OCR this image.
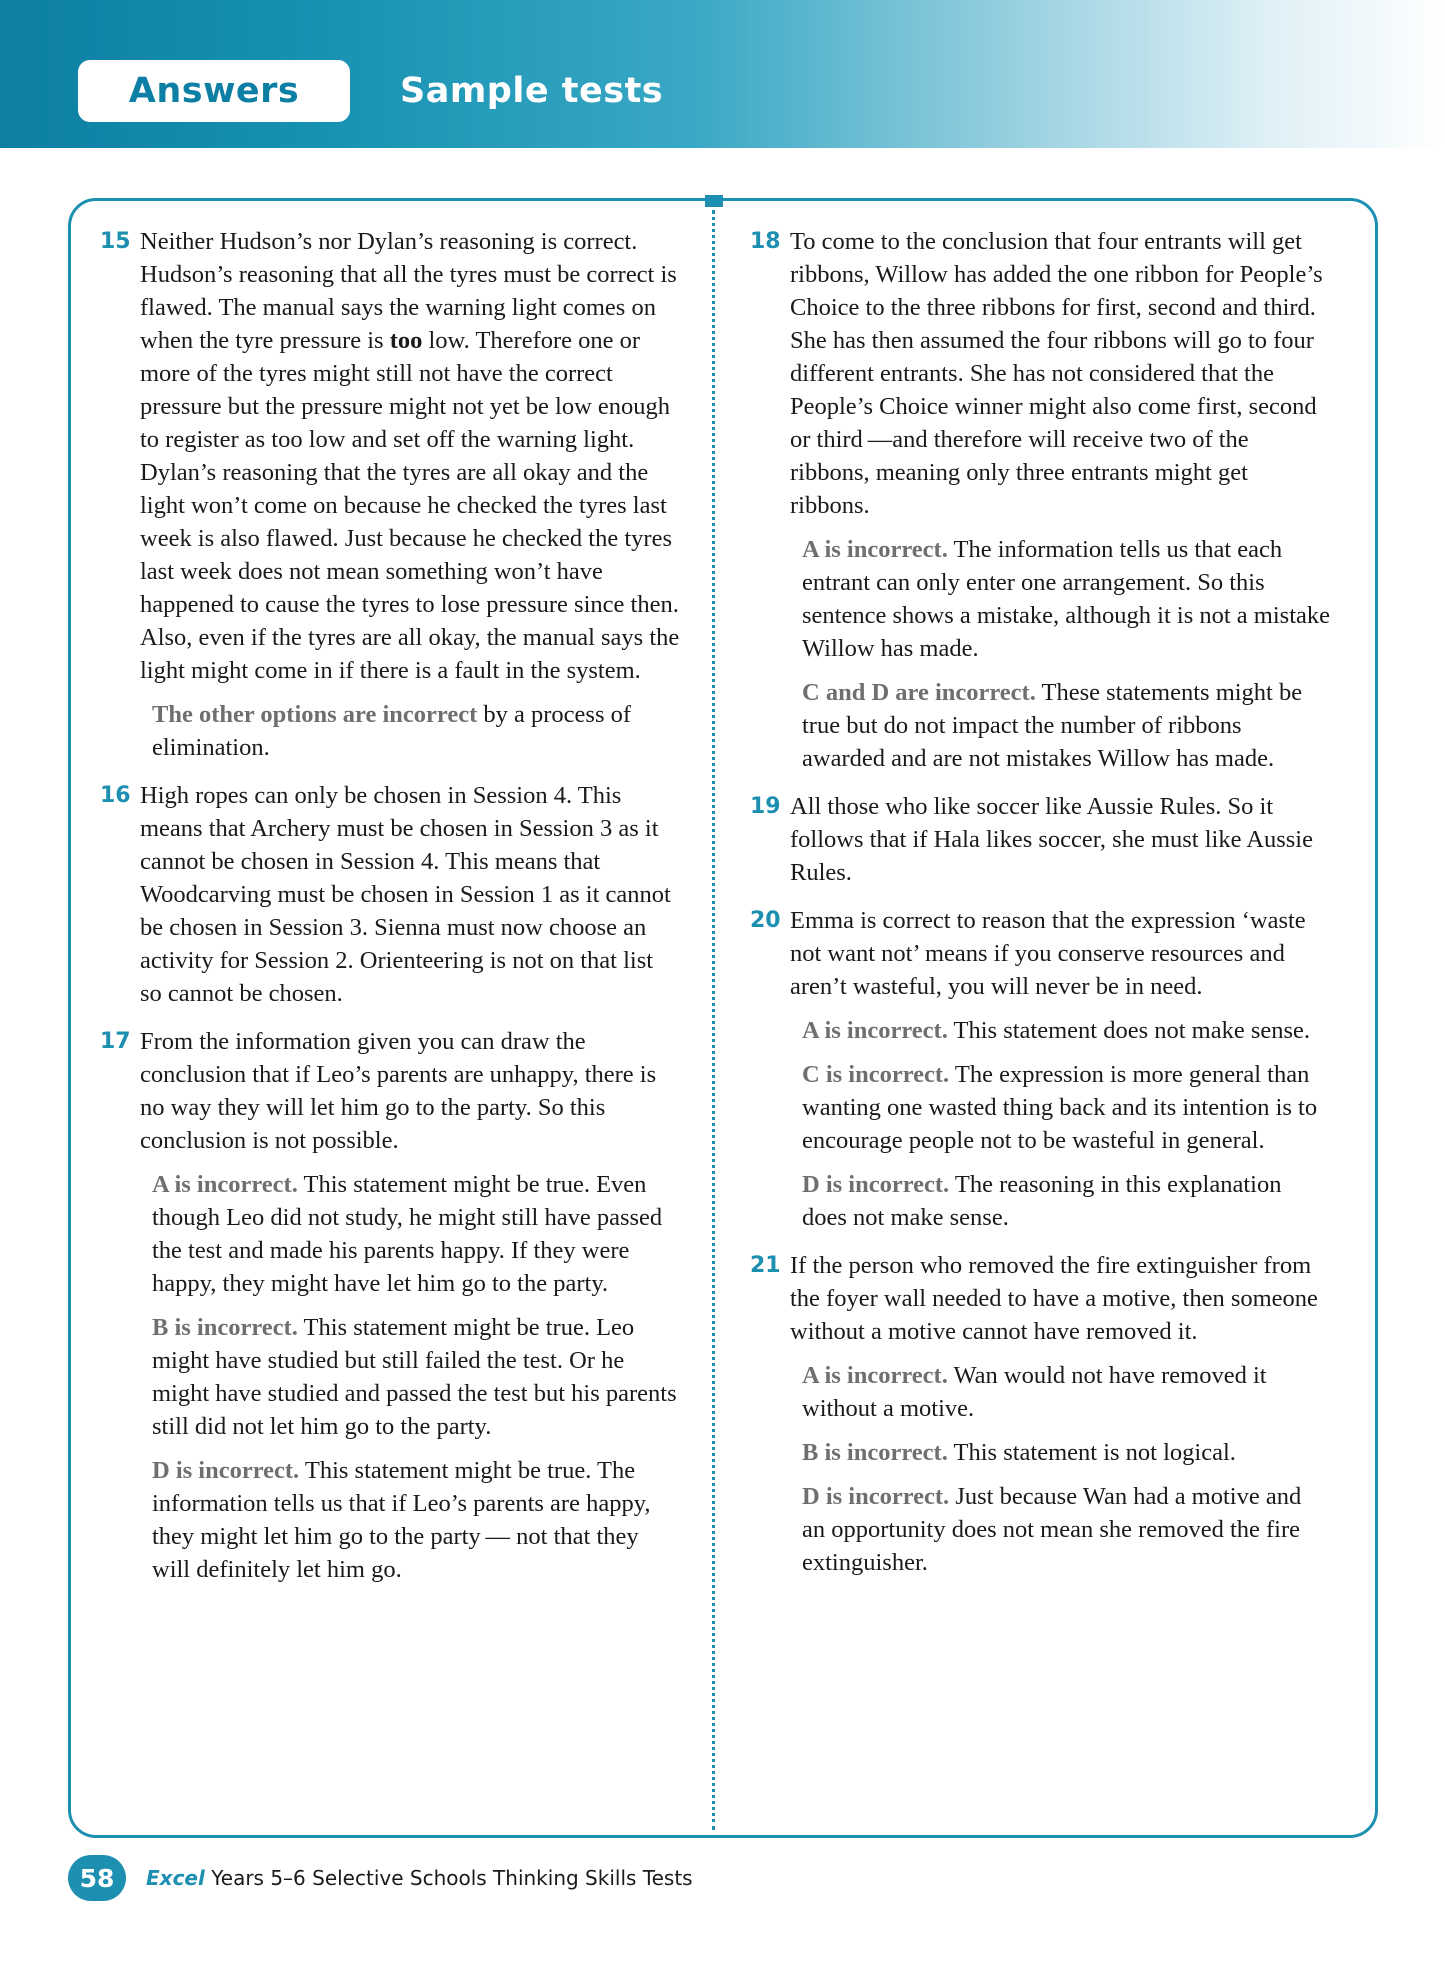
Answers	Sample tests
15 Neither Hudson’s nor Dylan’s reasoning is correct. Hudson’s reasoning that all the tyres must be correct is flawed. The manual says the warning light comes on when the tyre pressure is too low. Therefore one or more of the tyres might still not have the correct pressure but the pressure might not yet be low enough to register as too low and set off the warning light. Dylan’s reasoning that the tyres are all okay and the light won’t come on because he checked the tyres last week is also flawed. Just because he checked the tyres last week does not mean something won’t have happened to cause the tyres to lose pressure since then. Also, even if the tyres are all okay, the manual says the light might come in if there is a fault in the system.

The other options are incorrect by a process of elimination.

16 High ropes can only be chosen in Session 4. This means that Archery must be chosen in Session 3 as it cannot be chosen in Session 4. This means that Woodcarving must be chosen in Session 1 as it cannot be chosen in Session 3. Sienna must now choose an activity for Session 2. Orienteering is not on that list so cannot be chosen.

17 From the information given you can draw the conclusion that if Leo’s parents are unhappy, there is no way they will let him go to the party. So this conclusion is not possible.

A is incorrect. This statement might be true. Even though Leo did not study, he might still have passed the test and made his parents happy. If they were happy, they might have let him go to the party.

B is incorrect. This statement might be true. Leo might have studied but still failed the test. Or he might have studied and passed the test but his parents still did not let him go to the party.

D is incorrect. This statement might be true. The information tells us that if Leo’s parents are happy, they might let him go to the party — not that they will definitely let him go.

18 To come to the conclusion that four entrants will get ribbons, Willow has added the one ribbon for People’s Choice to the three ribbons for first, second and third. She has then assumed the four ribbons will go to four different entrants. She has not considered that the People’s Choice winner might also come first, second or third —and therefore will receive two of the ribbons, meaning only three entrants might get ribbons.

A is incorrect. The information tells us that each entrant can only enter one arrangement. So this sentence shows a mistake, although it is not a mistake Willow has made.

C and D are incorrect. These statements might be true but do not impact the number of ribbons awarded and are not mistakes Willow has made.

19 All those who like soccer like Aussie Rules. So it follows that if Hala likes soccer, she must like Aussie Rules.

20 Emma is correct to reason that the expression ‘waste not want not’ means if you conserve resources and aren’t wasteful, you will never be in need.

A is incorrect. This statement does not make sense.

C is incorrect. The expression is more general than wanting one wasted thing back and its intention is to encourage people not to be wasteful in general.

D is incorrect. The reasoning in this explanation does not make sense.

21 If the person who removed the fire extinguisher from the foyer wall needed to have a motive, then someone without a motive cannot have removed it.

A is incorrect. Wan would not have removed it without a motive.

B is incorrect. This statement is not logical.

D is incorrect. Just because Wan had a motive and an opportunity does not mean she removed the fire extinguisher.

58	Excel Years 5–6 Selective Schools Thinking Skills Tests
